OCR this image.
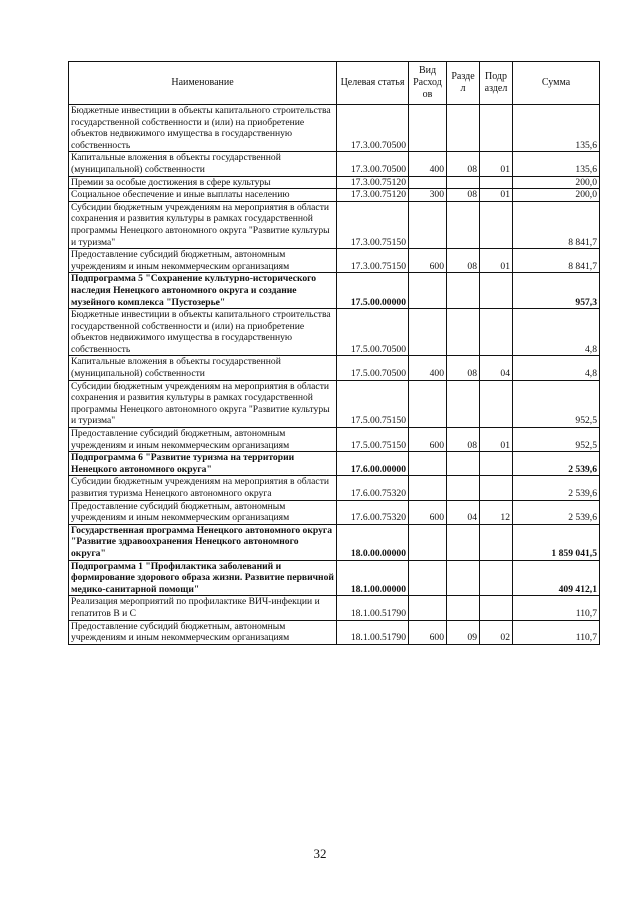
Наименование	Целевая статья	Вид Расход ов	Разде л	Подр аздел	Сумма
Бюджетные инвестиции в объекты капитального строительства государственной собственности и (или) на приобретение объектов недвижимого имущества в государственную собственность	17.3.00.70500				135,6
Капитальные вложения в объекты государственной (муниципальной) собственности	17.3.00.70500	400	08	01	135,6
Премии за особые достижения в сфере культуры	17.3.00.75120				200,0
Социальное обеспечение и иные выплаты населению	17.3.00.75120	300	08	01	200,0
Субсидии бюджетным учреждениям на мероприятия в области сохранения и развития культуры в рамках государственной программы Ненецкого автономного округа "Развитие культуры и туризма"	17.3.00.75150				8 841,7
Предоставление субсидий бюджетным, автономным учреждениям и иным некоммерческим организациям	17.3.00.75150	600	08	01	8 841,7
Подпрограмма 5 "Сохранение культурно-исторического наследия Ненецкого автономного округа и создание музейного комплекса "Пустозерье"	17.5.00.00000				957,3
Бюджетные инвестиции в объекты капитального строительства государственной собственности и (или) на приобретение объектов недвижимого имущества в государственную собственность	17.5.00.70500				4,8
Капитальные вложения в объекты государственной (муниципальной) собственности	17.5.00.70500	400	08	04	4,8
Субсидии бюджетным учреждениям на мероприятия в области сохранения и развития культуры в рамках государственной программы Ненецкого автономного округа "Развитие культуры и туризма"	17.5.00.75150				952,5
Предоставление субсидий бюджетным, автономным учреждениям и иным некоммерческим организациям	17.5.00.75150	600	08	01	952,5
Подпрограмма 6 "Развитие туризма на территории Ненецкого автономного округа"	17.6.00.00000				2 539,6
Субсидии бюджетным учреждениям на мероприятия в области развития туризма Ненецкого автономного округа	17.6.00.75320				2 539,6
Предоставление субсидий бюджетным, автономным учреждениям и иным некоммерческим организациям	17.6.00.75320	600	04	12	2 539,6
Государственная программа Ненецкого автономного округа "Развитие здравоохранения Ненецкого автономного округа"	18.0.00.00000				1 859 041,5
Подпрограмма 1 "Профилактика заболеваний и формирование здорового образа жизни. Развитие первичной медико-санитарной помощи"	18.1.00.00000				409 412,1
Реализация мероприятий по профилактике ВИЧ-инфекции и гепатитов В и С	18.1.00.51790				110,7
Предоставление субсидий бюджетным, автономным учреждениям и иным некоммерческим организациям	18.1.00.51790	600	09	02	110,7
32
